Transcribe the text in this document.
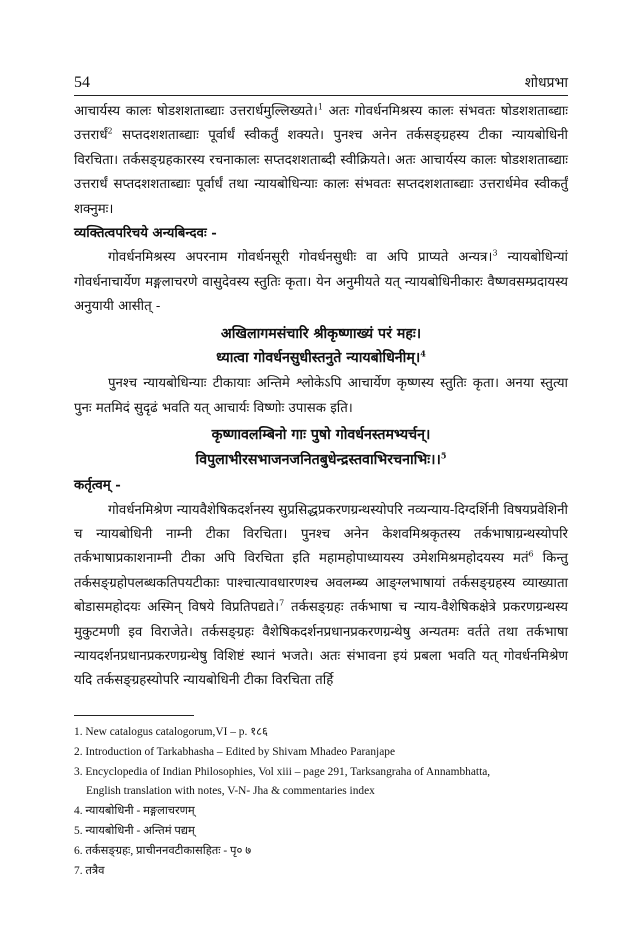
54	शोधप्रभा

आचार्यस्य कालः षोडशशताब्द्याः उत्तरार्धमुल्लिख्यते।$^1$ अतः गोवर्धनमिश्रस्य कालः संभवतः षोडशशताब्द्याः उत्तरार्धं$^2$ सप्तदशशताब्द्याः पूर्वार्धं स्वीकर्तुं शक्यते। पुनश्च अनेन तर्कसङ्ग्रहस्य टीका न्यायबोधिनी विरचिता। तर्कसङ्ग्रहकारस्य रचनाकालः सप्तदशशताब्दी स्वीक्रियते। अतः आचार्यस्य कालः षोडशशताब्द्याः उत्तरार्धं सप्तदशशताब्द्याः पूर्वार्धं तथा न्यायबोधिन्याः कालः संभवतः सप्तदशशताब्द्याः उत्तरार्धमेव स्वीकर्तुं शक्नुमः।

व्यक्तित्वपरिचये अन्यबिन्दवः -

गोवर्धनमिश्रस्य अपरनाम गोवर्धनसूरी गोवर्धनसुधीः वा अपि प्राप्यते अन्यत्र।$^3$ न्यायबोधिन्यां गोवर्धनाचार्येण मङ्गलाचरणे वासुदेवस्य स्तुतिः कृता। येन अनुमीयते यत् न्यायबोधिनीकारः वैष्णवसम्प्रदायस्य अनुयायी आसीत् -

अखिलागमसंचारि श्रीकृष्णाख्यं परं महः।
ध्यात्वा गोवर्धनसुधीस्तनुते न्यायबोधिनीम्।$^4$

पुनश्च न्यायबोधिन्याः टीकायाः अन्तिमे श्लोकेऽपि आचार्येण कृष्णस्य स्तुतिः कृता। अनया स्तुत्या पुनः मतमिदं सुदृढं भवति यत् आचार्यः विष्णोः उपासक इति।

कृष्णावलम्बिनो गाः पुषो गोवर्धनस्तमभ्यर्चन्।
विपुलाभीरसभाजनजनितबुधेन्द्रस्तवाभिरचनाभिः।।$^5$

कर्तृत्वम् -

गोवर्धनमिश्रेण न्यायवैशेषिकदर्शनस्य सुप्रसिद्धप्रकरणग्रन्थस्योपरि नव्यन्याय-दिग्दर्शिनी विषयप्रवेशिनी च न्यायबोधिनी नाम्नी टीका विरचिता। पुनश्च अनेन केशवमिश्रकृतस्य तर्कभाषाग्रन्थस्योपरि तर्कभाषाप्रकाशनाम्नी टीका अपि विरचिता इति महामहोपाध्यायस्य उमेशमिश्रमहोदयस्य मतं$^6$ किन्तु तर्कसङ्ग्रहोपलब्धकतिपयटीकाः पाश्चात्यावधारणश्च अवलम्ब्य आङ्ग्लभाषायां तर्कसङ्ग्रहस्य व्याख्याता बोडासमहोदयः अस्मिन् विषये विप्रतिपद्यते।$^7$ तर्कसङ्ग्रहः तर्कभाषा च न्याय-वैशेषिकक्षेत्रे प्रकरणग्रन्थस्य मुकुटमणी इव विराजेते। तर्कसङ्ग्रहः वैशेषिकदर्शनप्रधानप्रकरणग्रन्थेषु अन्यतमः वर्तते तथा तर्कभाषा न्यायदर्शनप्रधानप्रकरणग्रन्थेषु विशिष्टं स्थानं भजते। अतः संभावना इयं प्रबला भवति यत् गोवर्धनमिश्रेण यदि तर्कसङ्ग्रहस्योपरि न्यायबोधिनी टीका विरचिता तर्हि

1. New catalogus catalogorum,VI – p. १८६

2. Introduction of Tarkabhasha – Edited by Shivam Mhadeo Paranjape

3. Encyclopedia of Indian Philosophies, Vol xiii – page 291, Tarksangraha of Annambhatta,

English translation with notes, V-N- Jha & commentaries index

4. न्यायबोधिनी - मङ्गलाचरणम्

5. न्यायबोधिनी - अन्तिमं पद्यम्

6. तर्कसङ्ग्रहः, प्राचीननवटीकासहितः - पृ० ७

7. तत्रैव
